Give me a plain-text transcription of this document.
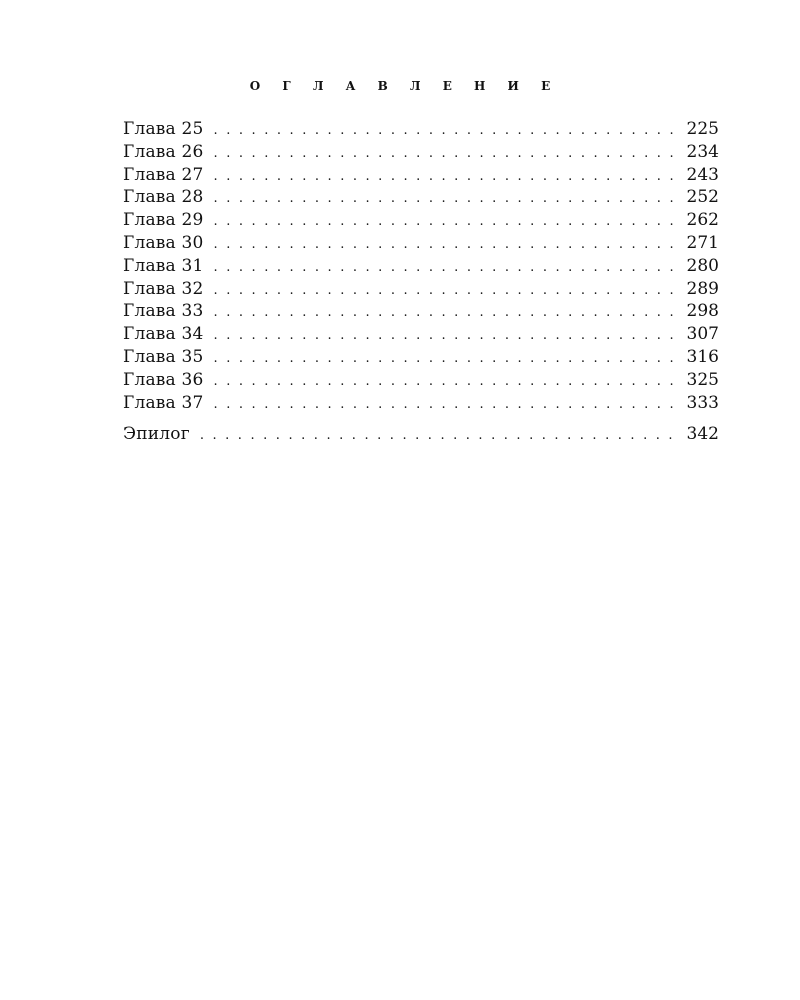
О Г Л А В Л Е Н И Е
Глава 25 . . .	225
Глава 26 . . .	234
Глава 27 . . .	243
Глава 28 . . .	252
Глава 29 . . .	262
Глава 30 . . .	271
Глава 31 . . .	280
Глава 32 . . .	289
Глава 33 . . .	298
Глава 34 . . .	307
Глава 35 . . .	316
Глава 36 . . .	325
Глава 37 . . .	333
Эпилог . . .	342
